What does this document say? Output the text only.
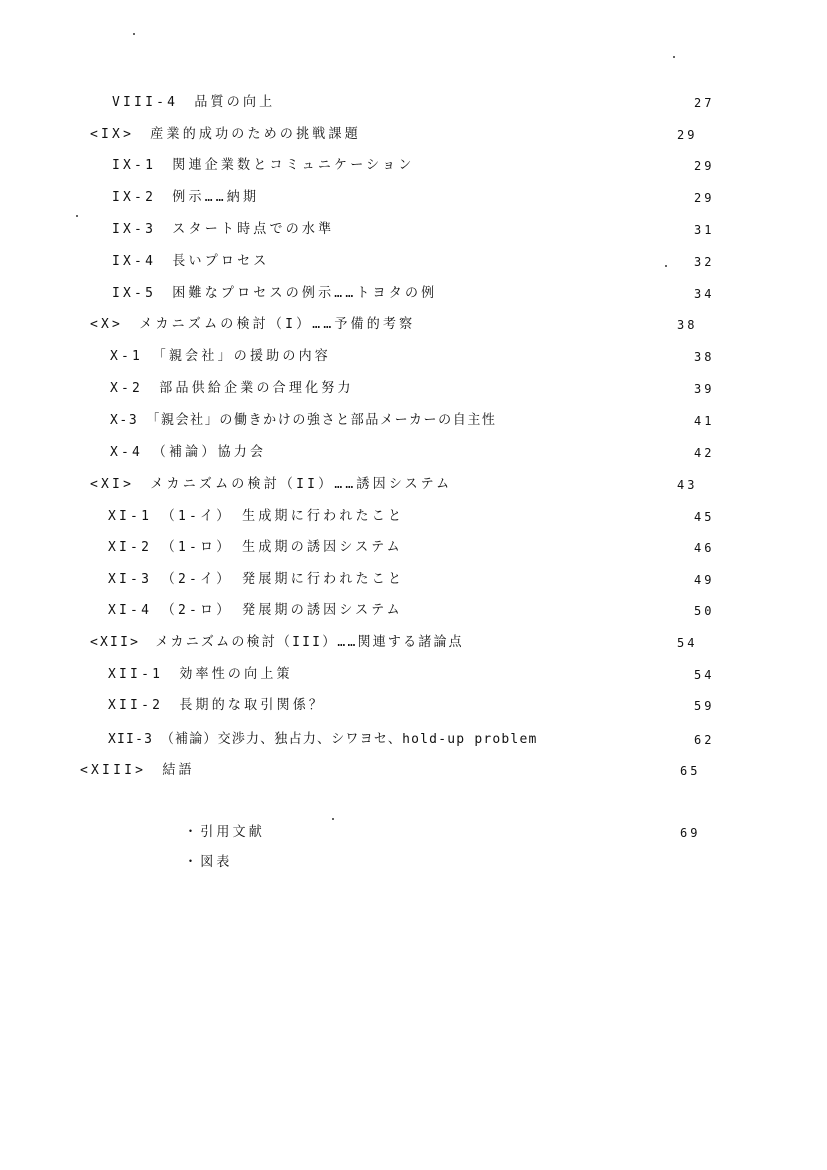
VIII-4　品質の向上	27
<IX>　産業的成功のための挑戦課題	29
IX-1　関連企業数とコミュニケーション	29
IX-2　例示……納期	29
IX-3　スタート時点での水準	31
IX-4　長いプロセス	32
IX-5　困難なプロセスの例示……トヨタの例	34
<X>　メカニズムの検討（I）……予備的考察	38
X-1　「親会社」の援助の内容	38
X-2　部品供給企業の合理化努力	39
X-3　「親会社」の働きかけの強さと部品メーカーの自主性	41
X-4　（補論）協力会	42
<XI>　メカニズムの検討（II）……誘因システム	43
XI-1　（1-イ）　生成期に行われたこと	45
XI-2　（1-ロ）　生成期の誘因システム	46
XI-3　（2-イ）　発展期に行われたこと	49
XI-4　（2-ロ）　発展期の誘因システム	50
<XII>　メカニズムの検討（III）……関連する諸論点	54
XII-1　効率性の向上策	54
XII-2　長期的な取引関係？	59
XII-3　（補論）交渉力、独占力、シワヨセ、hold-up problem	62
<XIII>　結語	65
・引用文献	69
・図表
